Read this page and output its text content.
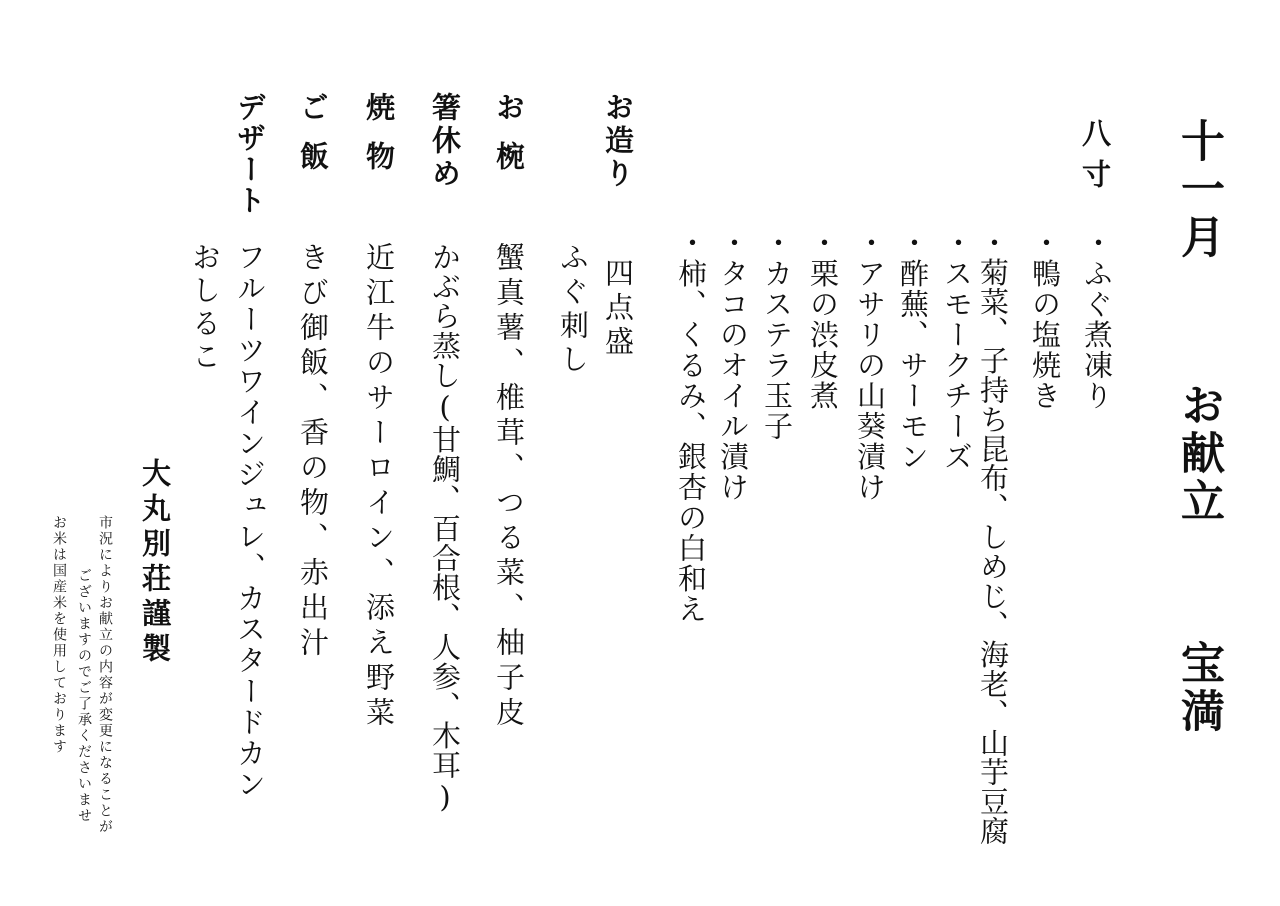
十一月
お献立
宝満
八寸
・ふぐ煮凍り
・鴨の塩焼き
・菊菜、子持ち昆布、しめじ、海老、山芋豆腐
・スモークチーズ
・酢蕪、サーモン
・アサリの山葵漬け
・栗の渋皮煮
・カステラ玉子
・タコのオイル漬け
・柿、くるみ、銀杏の白和え
お造り
四点盛
ふぐ刺し
お椀
蟹真薯、椎茸、つる菜、柚子皮
箸休め
かぶら蒸し(甘鯛、百合根、人参、木耳)
焼物
近江牛のサーロイン、添え野菜
ご飯
きび御飯、香の物、赤出汁
デザート
フルーツワインジュレ、カスタードカン
おしるこ
大丸別荘謹製
市況によりお献立の内容が変更になることが
ございますのでご了承くださいませ
お米は国産米を使用しております
